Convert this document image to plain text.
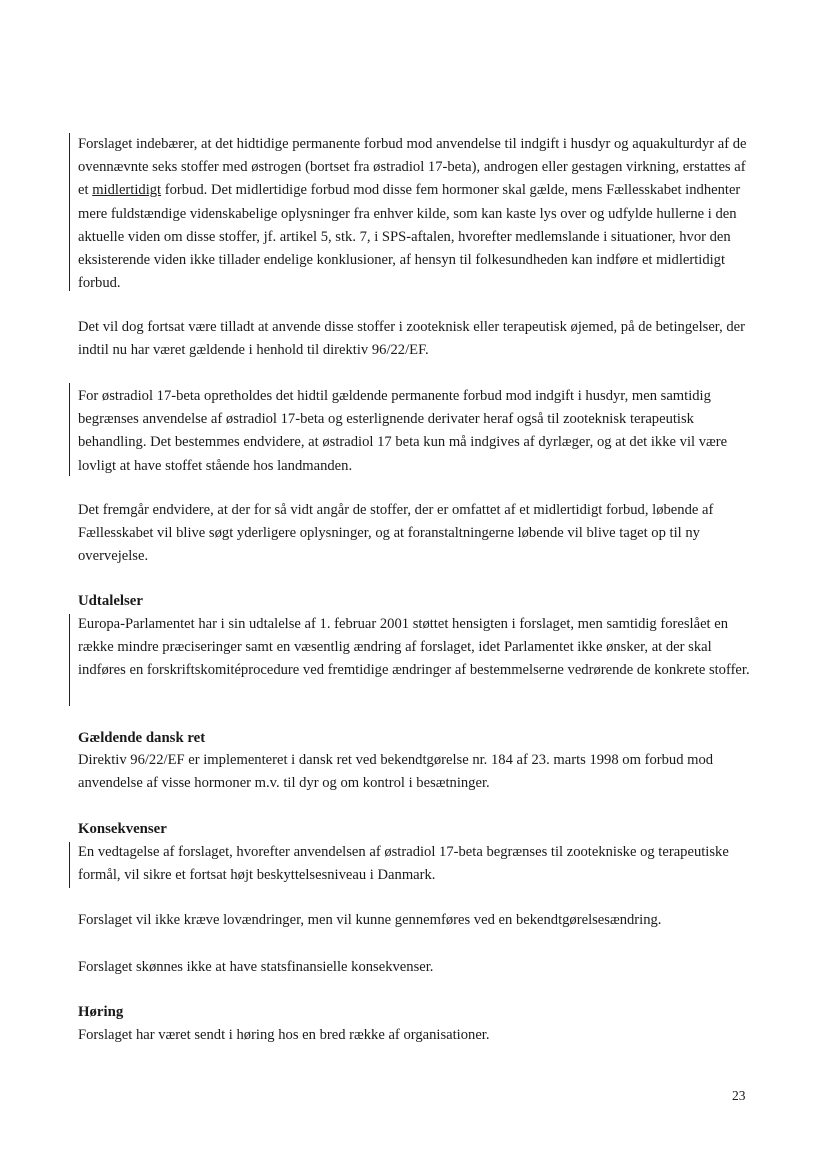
Forslaget indebærer, at det hidtidige permanente forbud mod anvendelse til indgift i husdyr og aquakulturdyr af de ovennævnte seks stoffer med østrogen (bortset fra østradiol 17-beta), androgen eller gestagen virkning, erstattes af et midlertidigt forbud. Det midlertidige forbud mod disse fem hormoner skal gælde, mens Fællesskabet indhenter mere fuldstændige videnskabelige oplysninger fra enhver kilde, som kan kaste lys over og udfylde hullerne i den aktuelle viden om disse stoffer, jf. artikel 5, stk. 7, i SPS-aftalen, hvorefter medlemslande i situationer, hvor den eksisterende viden ikke tillader endelige konklusioner, af hensyn til folkesundheden kan indføre et midlertidigt forbud.

Det vil dog fortsat være tilladt at anvende disse stoffer i zooteknisk eller terapeutisk øjemed, på de betingelser, der indtil nu har været gældende i henhold til direktiv 96/22/EF.

For østradiol 17-beta opretholdes det hidtil gældende permanente forbud mod indgift i husdyr, men samtidig begrænses anvendelse af østradiol 17-beta og esterlignende derivater heraf også til zooteknisk terapeutisk behandling. Det bestemmes endvidere, at østradiol 17 beta kun må indgives af dyrlæger, og at det ikke vil være lovligt at have stoffet stående hos landmanden.

Det fremgår endvidere, at der for så vidt angår de stoffer, der er omfattet af et midlertidigt forbud, løbende af Fællesskabet vil blive søgt yderligere oplysninger, og at foranstaltningerne løbende vil blive taget op til ny overvejelse.

Udtalelser

Europa-Parlamentet har i sin udtalelse af 1. februar 2001 støttet hensigten i forslaget, men samtidig foreslået en række mindre præciseringer samt en væsentlig ændring af forslaget, idet Parlamentet ikke ønsker, at der skal indføres en forskriftskomitéprocedure ved fremtidige ændringer af bestemmelserne vedrørende de konkrete stoffer.

Gældende dansk ret

Direktiv 96/22/EF er implementeret i dansk ret ved bekendtgørelse nr. 184 af 23. marts 1998 om forbud mod anvendelse af visse hormoner m.v. til dyr og om kontrol i besætninger.

Konsekvenser

En vedtagelse af forslaget, hvorefter anvendelsen af østradiol 17-beta begrænses til zootekniske og terapeutiske formål, vil sikre et fortsat højt beskyttelsesniveau i Danmark.

Forslaget vil ikke kræve lovændringer, men vil kunne gennemføres ved en bekendtgørelsesændring.

Forslaget skønnes ikke at have statsfinansielle konsekvenser.

Høring

Forslaget har været sendt i høring hos en bred række af organisationer.

23
